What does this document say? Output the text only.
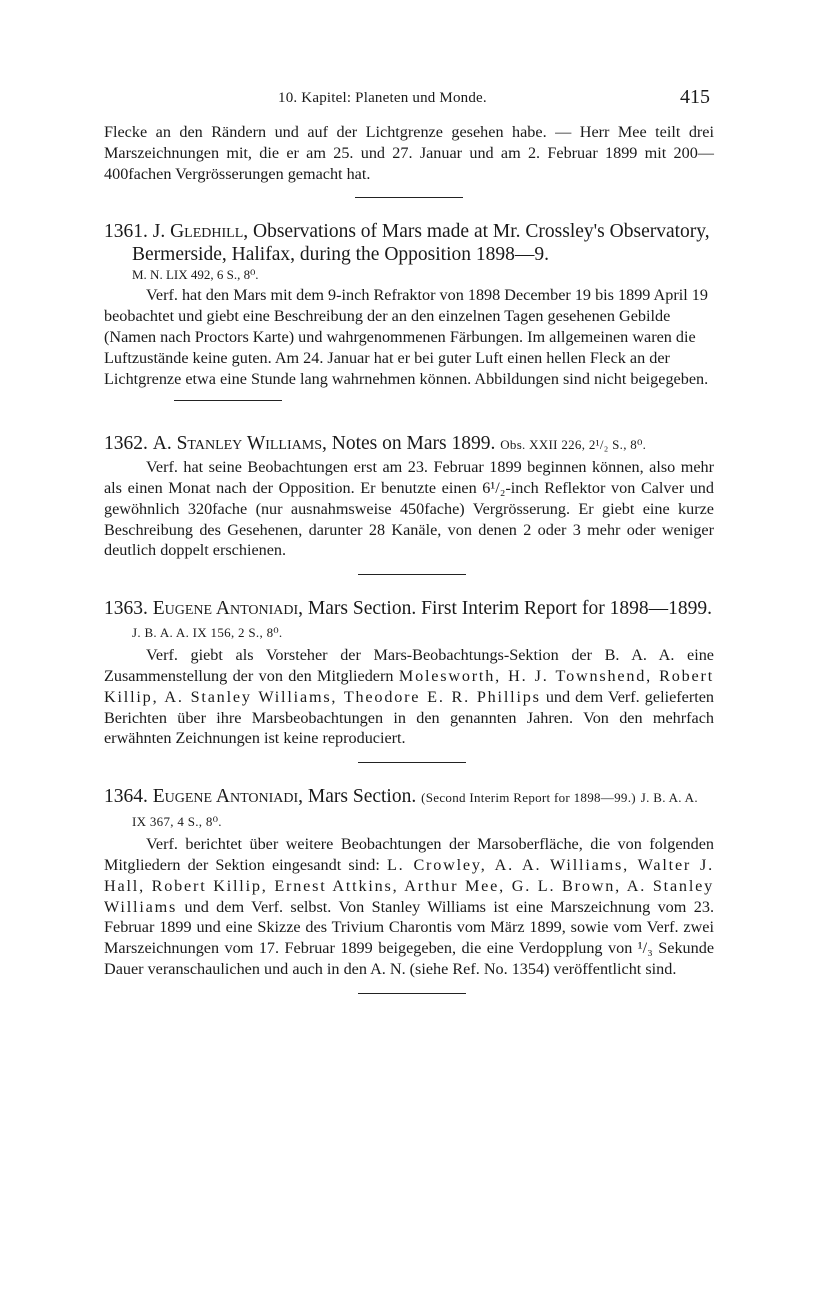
10. Kapitel: Planeten und Monde.	415

Flecke an den Rändern und auf der Lichtgrenze gesehen habe. — Herr Mee teilt drei Marszeichnungen mit, die er am 25. und 27. Januar und am 2. Februar 1899 mit 200—400fachen Vergrösserungen gemacht hat.

1361. J. Gledhill, Observations of Mars made at Mr. Crossley's Observatory, Bermerside, Halifax, during the Opposition 1898—9.

M. N. LIX 492, 6 S., 8⁰.

Verf. hat den Mars mit dem 9-inch Refraktor von 1898 December 19 bis 1899 April 19 beobachtet und giebt eine Beschreibung der an den einzelnen Tagen gesehenen Gebilde (Namen nach Proctors Karte) und wahrgenommenen Färbungen. Im allgemeinen waren die Luftzustände keine guten. Am 24. Januar hat er bei guter Luft einen hellen Fleck an der Lichtgrenze etwa eine Stunde lang wahrnehmen können. Abbildungen sind nicht beigegeben.

1362. A. Stanley Williams, Notes on Mars 1899. Obs. XXII 226, 2¹/₂ S., 8⁰.

Verf. hat seine Beobachtungen erst am 23. Februar 1899 beginnen können, also mehr als einen Monat nach der Opposition. Er benutzte einen 6¹/₂-inch Reflektor von Calver und gewöhnlich 320fache (nur ausnahmsweise 450fache) Vergrösserung. Er giebt eine kurze Beschreibung des Gesehenen, darunter 28 Kanäle, von denen 2 oder 3 mehr oder weniger deutlich doppelt erschienen.

1363. Eugene Antoniadi, Mars Section. First Interim Report for 1898—1899. J. B. A. A. IX 156, 2 S., 8⁰.

Verf. giebt als Vorsteher der Mars-Beobachtungs-Sektion der B. A. A. eine Zusammenstellung der von den Mitgliedern Molesworth, H. J. Townshend, Robert Killip, A. Stanley Williams, Theodore E. R. Phillips und dem Verf. gelieferten Berichten über ihre Marsbeobachtungen in den genannten Jahren. Von den mehrfach erwähnten Zeichnungen ist keine reproduciert.

1364. Eugene Antoniadi, Mars Section. (Second Interim Report for 1898—99.) J. B. A. A. IX 367, 4 S., 8⁰.

Verf. berichtet über weitere Beobachtungen der Marsoberfläche, die von folgenden Mitgliedern der Sektion eingesandt sind: L. Crowley, A. A. Williams, Walter J. Hall, Robert Killip, Ernest Attkins, Arthur Mee, G. L. Brown, A. Stanley Williams und dem Verf. selbst. Von Stanley Williams ist eine Marszeichnung vom 23. Februar 1899 und eine Skizze des Trivium Charontis vom März 1899, sowie vom Verf. zwei Marszeichnungen vom 17. Februar 1899 beigegeben, die eine Verdopplung von ¹/₃ Sekunde Dauer veranschaulichen und auch in den A. N. (siehe Ref. No. 1354) veröffentlicht sind.
